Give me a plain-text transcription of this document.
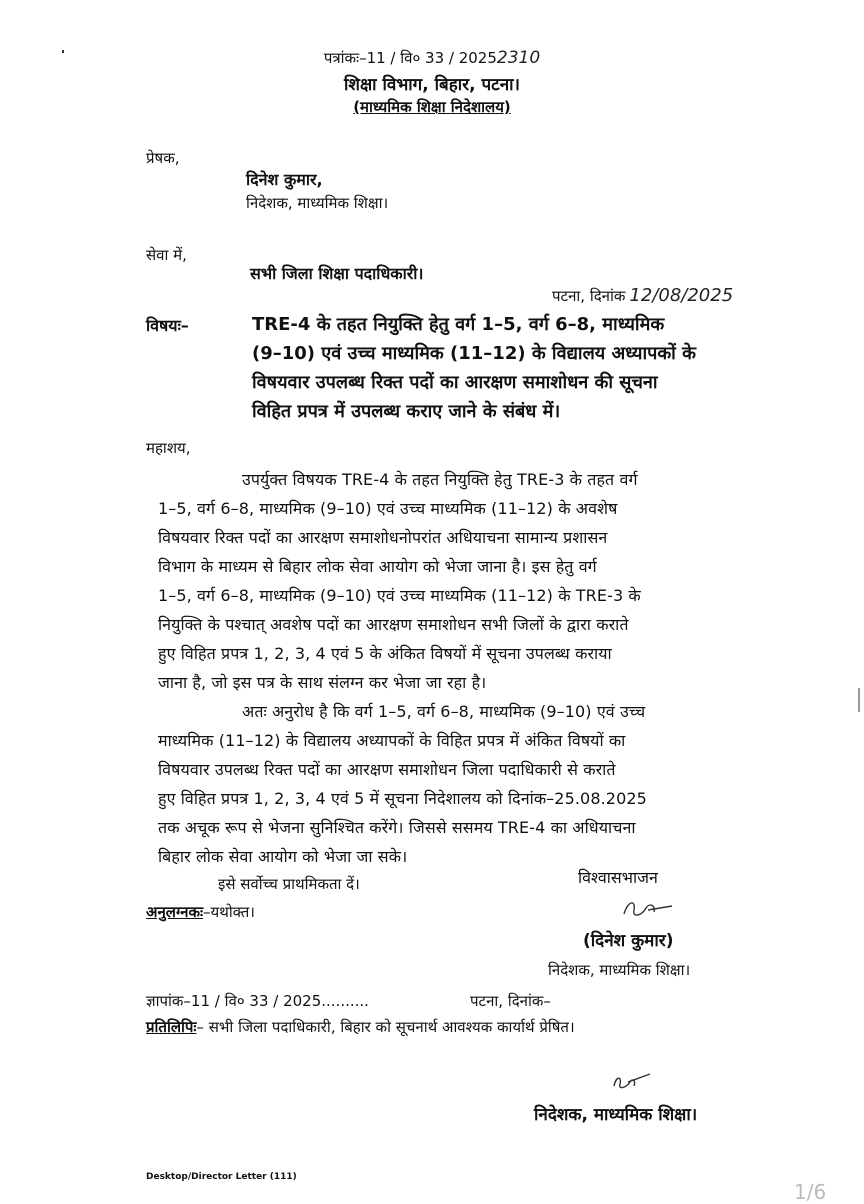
पत्रांकः–11 / वि० 33 / 20252310
शिक्षा विभाग, बिहार, पटना।
(माध्यमिक शिक्षा निदेशालय)
प्रेषक,
दिनेश कुमार,
निदेशक, माध्यमिक शिक्षा।
सेवा में,
सभी जिला शिक्षा पदाधिकारी।
पटना, दिनांक 12/08/2025
विषयः–	TRE-4 के तहत नियुक्ति हेतु वर्ग 1–5, वर्ग 6–8, माध्यमिक
(9–10) एवं उच्च माध्यमिक (11–12) के विद्यालय अध्यापकों के
विषयवार उपलब्ध रिक्त पदों का आरक्षण समाशोधन की सूचना
विहित प्रपत्र में उपलब्ध कराए जाने के संबंध में।
महाशय,
उपर्युक्त विषयक TRE-4 के तहत नियुक्ति हेतु TRE-3 के तहत वर्ग
1–5, वर्ग 6–8, माध्यमिक (9–10) एवं उच्च माध्यमिक (11–12) के अवशेष
विषयवार रिक्त पदों का आरक्षण समाशोधनोपरांत अधियाचना सामान्य प्रशासन
विभाग के माध्यम से बिहार लोक सेवा आयोग को भेजा जाना है। इस हेतु वर्ग
1–5, वर्ग 6–8, माध्यमिक (9–10) एवं उच्च माध्यमिक (11–12) के TRE-3 के
नियुक्ति के पश्चात् अवशेष पदों का आरक्षण समाशोधन सभी जिलों के द्वारा कराते
हुए विहित प्रपत्र 1, 2, 3, 4 एवं 5 के अंकित विषयों में सूचना उपलब्ध कराया
जाना है, जो इस पत्र के साथ संलग्न कर भेजा जा रहा है।
अतः अनुरोध है कि वर्ग 1–5, वर्ग 6–8, माध्यमिक (9–10) एवं उच्च
माध्यमिक (11–12) के विद्यालय अध्यापकों के विहित प्रपत्र में अंकित विषयों का
विषयवार उपलब्ध रिक्त पदों का आरक्षण समाशोधन जिला पदाधिकारी से कराते
हुए विहित प्रपत्र 1, 2, 3, 4 एवं 5 में सूचना निदेशालय को दिनांक–25.08.2025
तक अचूक रूप से भेजना सुनिश्चित करेंगे। जिससे ससमय TRE-4 का अधियाचना
बिहार लोक सेवा आयोग को भेजा जा सके।
इसे सर्वोच्च प्राथमिकता दें।	विश्वासभाजन
अनुलग्नकः–यथोक्त।
(दिनेश कुमार)
निदेशक, माध्यमिक शिक्षा।
ज्ञापांक–11 / वि० 33 / 2025..........	पटना, दिनांक–
प्रतिलिपिः– सभी जिला पदाधिकारी, बिहार को सूचनार्थ आवश्यक कार्यार्थ प्रेषित।
निदेशक, माध्यमिक शिक्षा।
Desktop/Director Letter (111)
1/6
